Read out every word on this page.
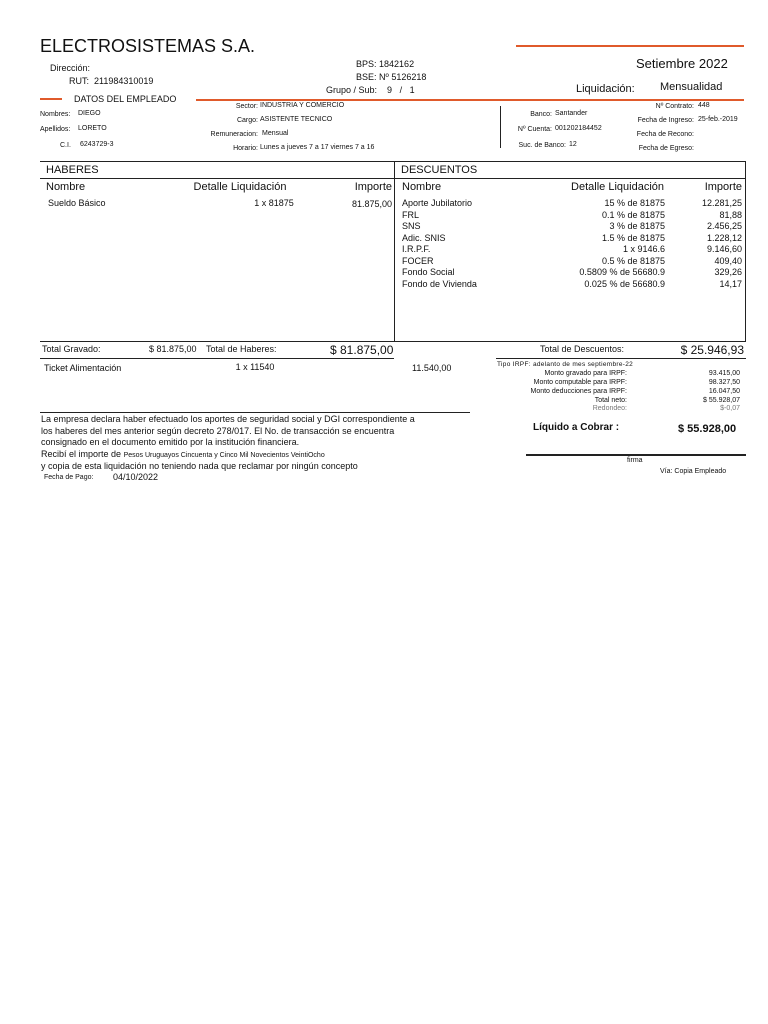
ELECTROSISTEMAS S.A.
Dirección:
RUT: 211984310019
BPS: 1842162
BSE: Nº 5126218
Grupo / Sub: 9 / 1
Setiembre 2022
Liquidación: Mensualidad
DATOS DEL EMPLEADO
Nombres: DIEGO
Apellidos: LORETO
C.I. 6243729-3
Sector: INDUSTRIA Y COMERCIO
Cargo: ASISTENTE TECNICO
Remuneracion: Mensual
Horario: Lunes a jueves 7 a 17 viernes 7 a 16
Banco: Santander
Nº Cuenta: 001202184452
Suc. de Banco: 12
Nº Contrato: 448
Fecha de Ingreso: 25-feb.-2019
Fecha de Recono:
Fecha de Egreso:
HABERES	DESCUENTOS
Nombre	Detalle Liquidación	Importe Nombre	Detalle Liquidación	Importe
Sueldo Básico	1 x 81875	81.875,00 Aporte Jubilatorio	15 % de 81875	12.281,25
FRL	0.1 % de 81875	81,88
SNS	3 % de 81875	2.456,25
Adic. SNIS	1.5 % de 81875	1.228,12
I.R.P.F.	1 x 9146.6	9.146,60
FOCER	0.5 % de 81875	409,40
Fondo Social	0.5809 % de 56680.9	329,26
Fondo de Vivienda	0.025 % de 56680.9	14,17
Total Gravado:	$ 81.875,00 Total de Haberes:	$ 81.875,00	Total de Descuentos:	$ 25.946,93
Ticket Alimentación	1 x 11540	11.540,00	Tipo IRPF: adelanto de mes septiembre-22
Monto gravado para IRPF:	93.415,00
Monto computable para IRPF:	98.327,50
Monto deducciones para IRPF:	16.047,50
Total neto:	$ 55.928,07
Redondeo:	$-0,07
Líquido a Cobrar :	$ 55.928,00
La empresa declara haber efectuado los aportes de seguridad social y DGI correspondiente a
los haberes del mes anterior según decreto 278/017. El No. de transacción se encuentra
consignado en el documento emitido por la institución financiera.
Recibí el importe de Pesos Uruguayos Cincuenta y Cinco Mil Novecientos VeintiOcho
y copia de esta liquidación no teniendo nada que reclamar por ningún concepto
Fecha de Pago: 04/10/2022
firma
Vía: Copia Empleado
